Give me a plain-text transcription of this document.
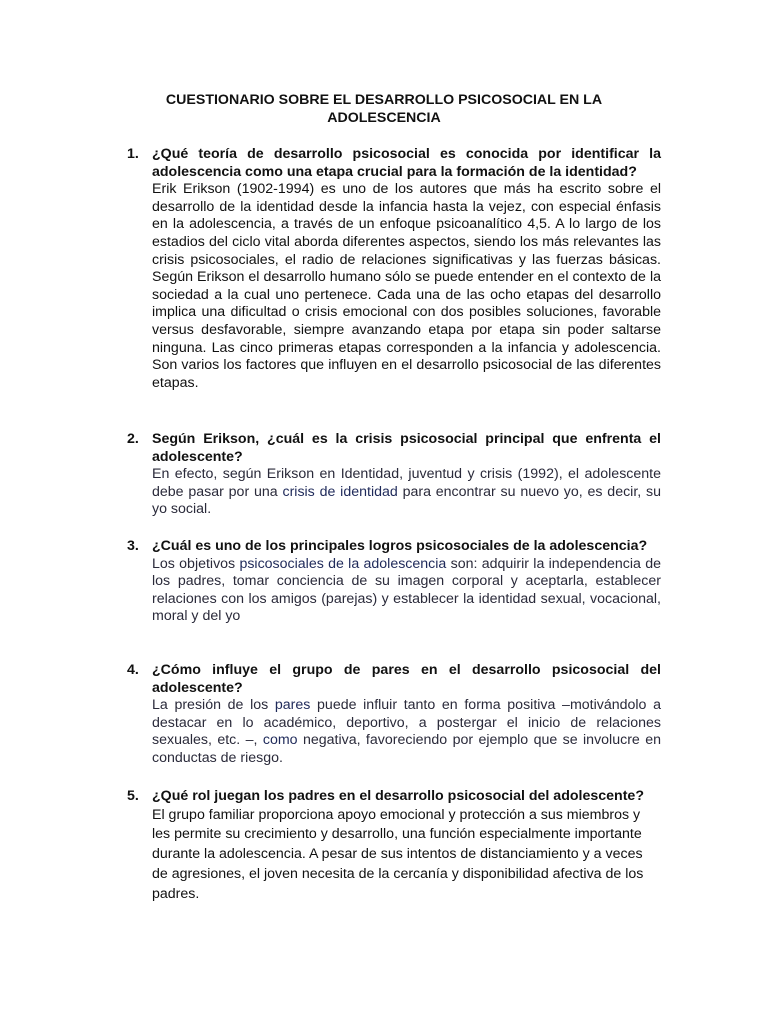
CUESTIONARIO SOBRE EL DESARROLLO PSICOSOCIAL EN LA
ADOLESCENCIA
1. ¿Qué teoría de desarrollo psicosocial es conocida por identificar la adolescencia como una etapa crucial para la formación de la identidad?

Erik Erikson (1902-1994) es uno de los autores que más ha escrito sobre el desarrollo de la identidad desde la infancia hasta la vejez, con especial énfasis en la adolescencia, a través de un enfoque psicoanalítico 4,5. A lo largo de los estadios del ciclo vital aborda diferentes aspectos, siendo los más relevantes las crisis psicosociales, el radio de relaciones significativas y las fuerzas básicas. Según Erikson el desarrollo humano sólo se puede entender en el contexto de la sociedad a la cual uno pertenece. Cada una de las ocho etapas del desarrollo implica una dificultad o crisis emocional con dos posibles soluciones, favorable versus desfavorable, siempre avanzando etapa por etapa sin poder saltarse ninguna. Las cinco primeras etapas corresponden a la infancia y adolescencia. Son varios los factores que influyen en el desarrollo psicosocial de las diferentes etapas.

2. Según Erikson, ¿cuál es la crisis psicosocial principal que enfrenta el adolescente?

En efecto, según Erikson en Identidad, juventud y crisis (1992), el adolescente debe pasar por una crisis de identidad para encontrar su nuevo yo, es decir, su yo social.

3. ¿Cuál es uno de los principales logros psicosociales de la adolescencia?

Los objetivos psicosociales de la adolescencia son: adquirir la independencia de los padres, tomar conciencia de su imagen corporal y aceptarla, establecer relaciones con los amigos (parejas) y establecer la identidad sexual, vocacional, moral y del yo

4. ¿Cómo influye el grupo de pares en el desarrollo psicosocial del adolescente?

La presión de los pares puede influir tanto en forma positiva –motivándolo a destacar en lo académico, deportivo, a postergar el inicio de relaciones sexuales, etc. –, como negativa, favoreciendo por ejemplo que se involucre en conductas de riesgo.

5. ¿Qué rol juegan los padres en el desarrollo psicosocial del adolescente?

El grupo familiar proporciona apoyo emocional y protección a sus miembros y les permite su crecimiento y desarrollo, una función especialmente importante durante la adolescencia. A pesar de sus intentos de distanciamiento y a veces de agresiones, el joven necesita de la cercanía y disponibilidad afectiva de los padres.
